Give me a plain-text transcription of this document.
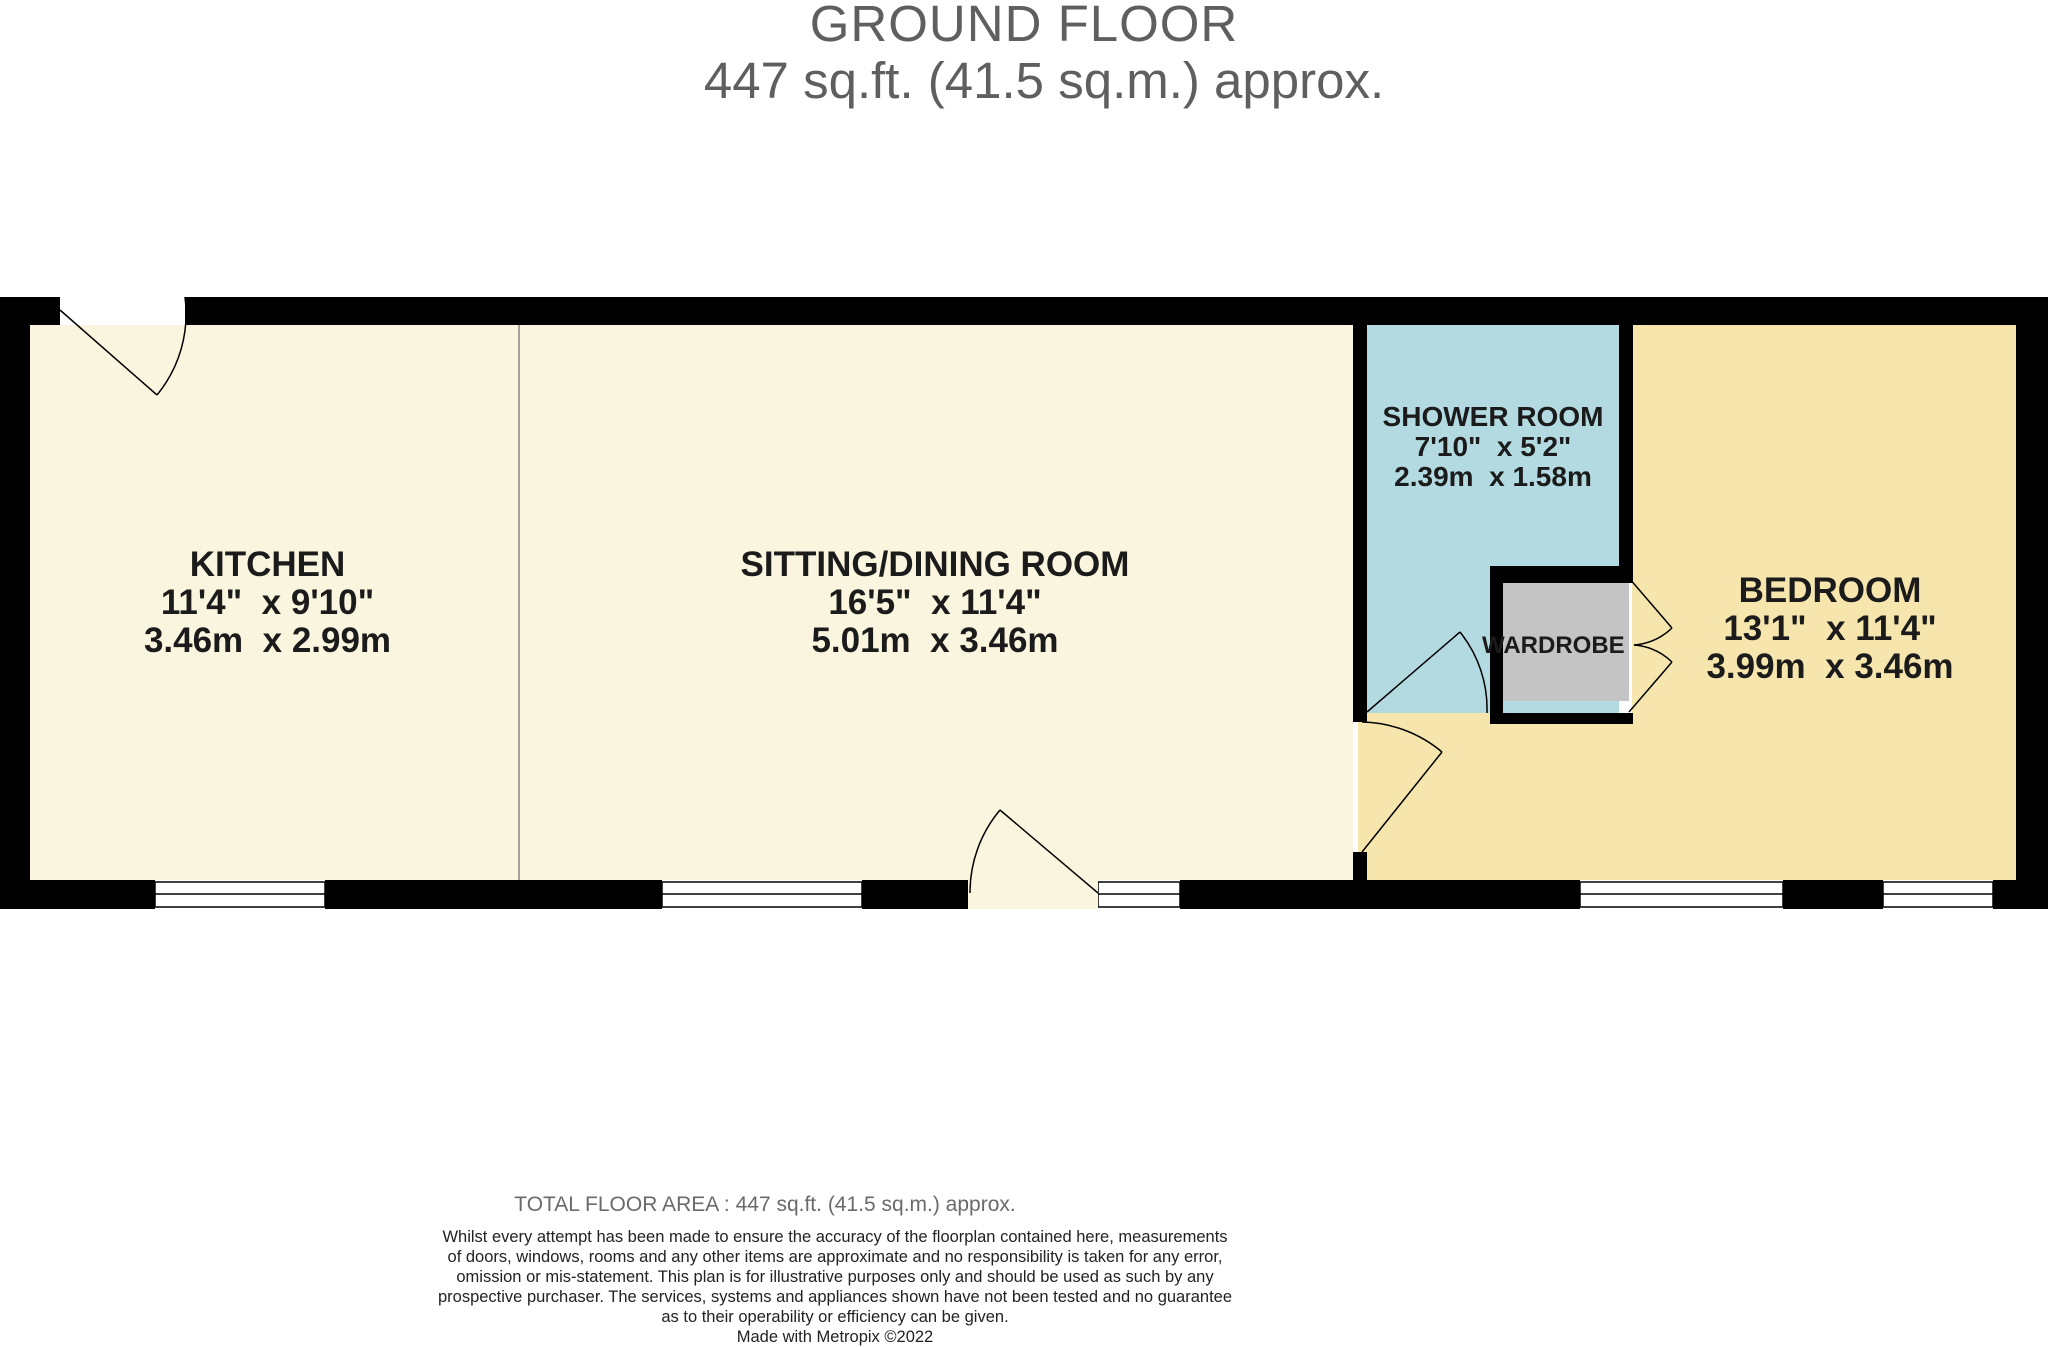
GROUND FLOOR
447 sq.ft. (41.5 sq.m.) approx.
KITCHEN
11'4"  x 9'10"
3.46m  x 2.99m
SITTING/DINING ROOM
16'5"  x 11'4"
5.01m  x 3.46m
SHOWER ROOM
7'10"  x 5'2"
2.39m  x 1.58m
BEDROOM
13'1"  x 11'4"
3.99m  x 3.46m
WARDROBE
TOTAL FLOOR AREA : 447 sq.ft. (41.5 sq.m.) approx.
Whilst every attempt has been made to ensure the accuracy of the floorplan contained here, measurements
of doors, windows, rooms and any other items are approximate and no responsibility is taken for any error,
omission or mis-statement. This plan is for illustrative purposes only and should be used as such by any
prospective purchaser. The services, systems and appliances shown have not been tested and no guarantee
as to their operability or efficiency can be given.
Made with Metropix ©2022
